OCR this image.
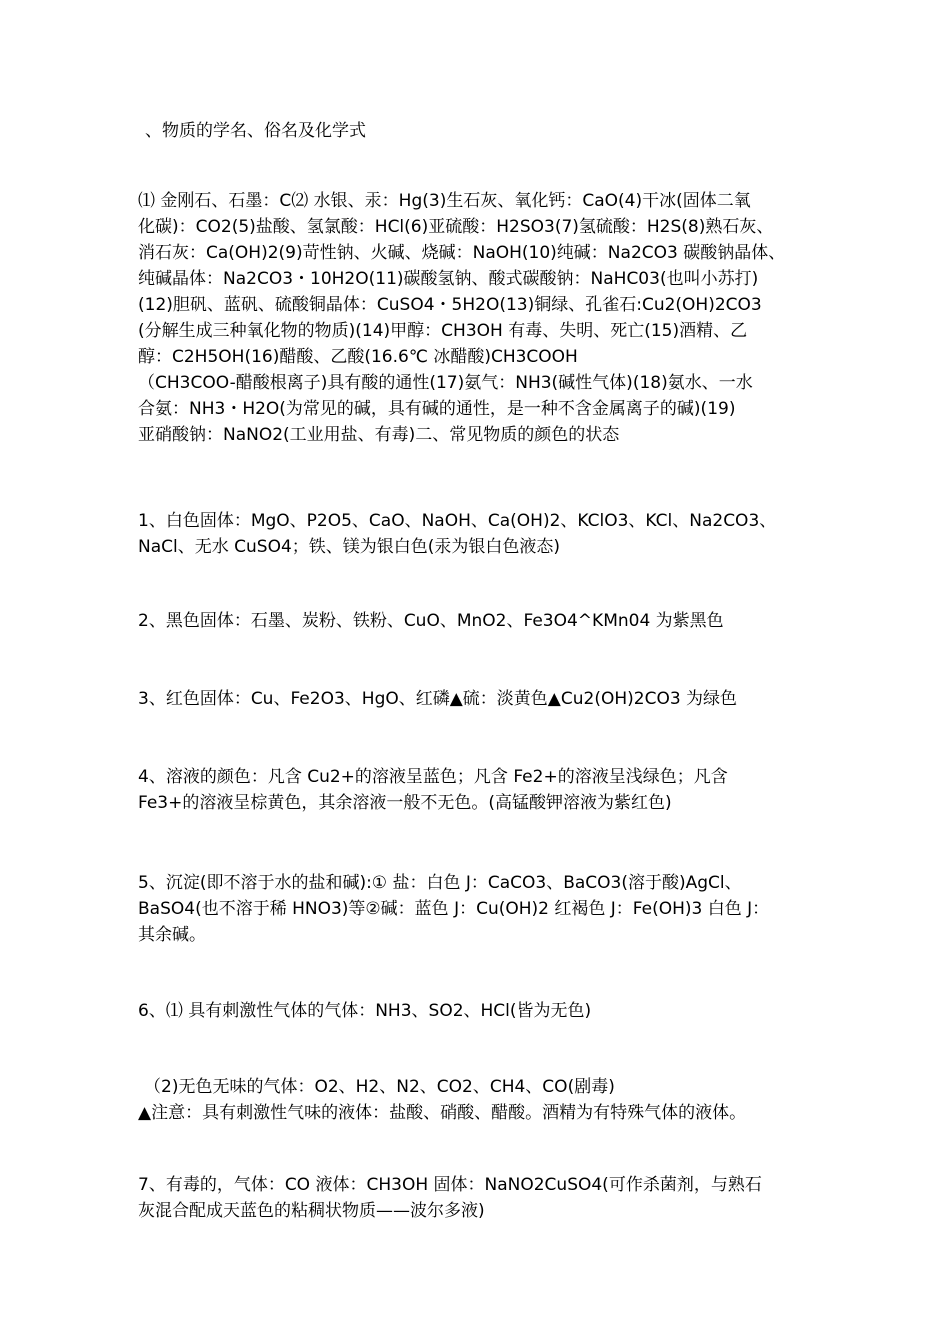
、物质的学名、俗名及化学式
⑴ 金刚石、石墨：C⑵ 水银、汞：Hg(3)生石灰、氧化钙：CaO(4)干冰(固体二氧
化碳)：CO2(5)盐酸、氢氯酸：HCl(6)亚硫酸：H2SO3(7)氢硫酸：H2S(8)熟石灰、
消石灰：Ca(OH)2(9)苛性钠、火碱、烧碱：NaOH(10)纯碱：Na2CO3 碳酸钠晶体、
纯碱晶体：Na2CO3・10H2O(11)碳酸氢钠、酸式碳酸钠：NaHC03(也叫小苏打)
(12)胆矾、蓝矾、硫酸铜晶体：CuSO4・5H2O(13)铜绿、孔雀石:Cu2(OH)2CO3
(分解生成三种氧化物的物质)(14)甲醇：CH3OH 有毒、失明、死亡(15)酒精、乙
醇：C2H5OH(16)醋酸、乙酸(16.6℃ 冰醋酸)CH3COOH
（CH3COO-醋酸根离子)具有酸的通性(17)氨气：NH3(碱性气体)(18)氨水、一水
合氨：NH3・H2O(为常见的碱，具有碱的通性，是一种不含金属离子的碱)(19)
亚硝酸钠：NaNO2(工业用盐、有毒)二、常见物质的颜色的状态
1、白色固体：MgO、P2O5、CaO、NaOH、Ca(OH)2、KClO3、KCl、Na2CO3、
NaCl、无水 CuSO4；铁、镁为银白色(汞为银白色液态)
2、黑色固体：石墨、炭粉、铁粉、CuO、MnO2、Fe3O4^KMn04 为紫黑色
3、红色固体：Cu、Fe2O3、HgO、红磷▲硫：淡黄色▲Cu2(OH)2CO3 为绿色
4、溶液的颜色：凡含 Cu2+的溶液呈蓝色；凡含 Fe2+的溶液呈浅绿色；凡含
Fe3+的溶液呈棕黄色，其余溶液一般不无色。(高锰酸钾溶液为紫红色)
5、沉淀(即不溶于水的盐和碱):① 盐：白色 J：CaCO3、BaCO3(溶于酸)AgCl、
BaSO4(也不溶于稀 HNO3)等②碱：蓝色 J：Cu(OH)2 红褐色 J：Fe(OH)3 白色 J：
其余碱。
6、⑴ 具有刺激性气体的气体：NH3、SO2、HCl(皆为无色)
（2)无色无味的气体：O2、H2、N2、CO2、CH4、CO(剧毒)
▲注意：具有刺激性气味的液体：盐酸、硝酸、醋酸。酒精为有特殊气体的液体。
7、有毒的，气体：CO 液体：CH3OH 固体：NaNO2CuSO4(可作杀菌剂，与熟石
灰混合配成天蓝色的粘稠状物质——波尔多液)
